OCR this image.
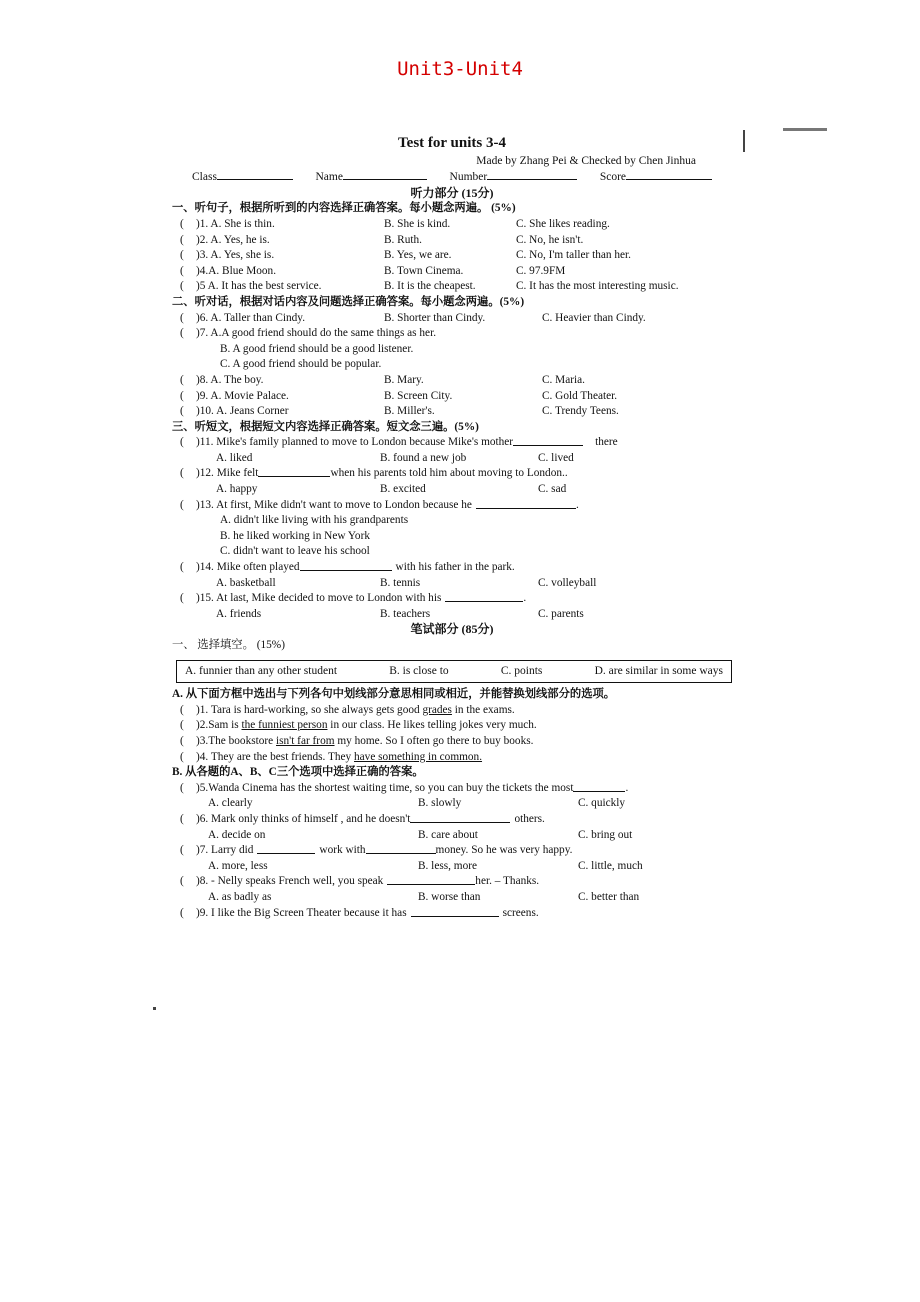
Unit3-Unit4
Test for units 3-4
Made by Zhang Pei & Checked by Chen Jinhua
Class	Name	Number	Score
听力部分 (15分)
一、听句子，根据所听到的内容选择正确答案。每小题念两遍。 (5%)
(	)1. A. She is thin.	B. She is kind.	C. She likes reading.
(	)2. A. Yes, he is.	B. Ruth.	C. No, he isn't.
(	)3. A. Yes, she is.	B. Yes, we are.	C. No, I'm taller than her.
(	)4.A. Blue Moon.	B. Town Cinema.	C. 97.9FM
(	)5 A. It has the best service.	B. It is the cheapest.	C. It has the most interesting music.
二、听对话，根据对话内容及问题选择正确答案。每小题念两遍。(5%)
(	)6. A. Taller than Cindy.	B. Shorter than Cindy.	C. Heavier than Cindy.
(	)7. A.A good friend should do the same things as her.
B. A good friend should be a good listener.
C. A good friend should be popular.
(	)8. A. The boy.	B. Mary.	C. Maria.
(	)9. A. Movie Palace.	B. Screen City.	C. Gold Theater.
(	)10. A. Jeans Corner	B. Miller's.	C. Trendy Teens.
三、听短文，根据短文内容选择正确答案。短文念三遍。(5%)
(	)11. Mike's family planned to move to London because Mike's mother	there
A. liked	B. found a new job	C. lived
(	)12. Mike felt	when his parents told him about moving to London..
A. happy	B. excited	C. sad
(	)13. At first, Mike didn't want to move to London because he	.
A. didn't like living with his grandparents
B. he liked working in New York
C. didn't want to leave his school
(	)14. Mike often played	with his father in the park.
A. basketball	B. tennis	C. volleyball
(	)15. At last, Mike decided to move to London with his	.
A. friends	B. teachers	C. parents
笔试部分 (85分)
一、 选择填空。 (15%)
A. funnier than any other student	B. is close to	C. points	D. are similar in some ways
A. 从下面方框中选出与下列各句中划线部分意思相同或相近，并能替换划线部分的选项。
(	)1. Tara is hard-working, so she always gets good grades in the exams.
(	)2.Sam is the funniest person in our class. He likes telling jokes very much.
(	)3.The bookstore isn't far from my home. So I often go there to buy books.
(	)4. They are the best friends. They have something in common.
B. 从各题的A、B、C三个选项中选择正确的答案。
(	)5.Wanda Cinema has the shortest waiting time, so you can buy the tickets the most	.
A. clearly	B. slowly	C. quickly
(	)6. Mark only thinks of himself , and he doesn't	others.
A. decide on	B. care about	C. bring out
(	)7. Larry did	work with	money. So he was very happy.
A. more, less	B. less, more	C. little, much
(	)8. - Nelly speaks French well, you speak	her. – Thanks.
A. as badly as	B. worse than	C. better than
(	)9. I like the Big Screen Theater because it has	screens.
